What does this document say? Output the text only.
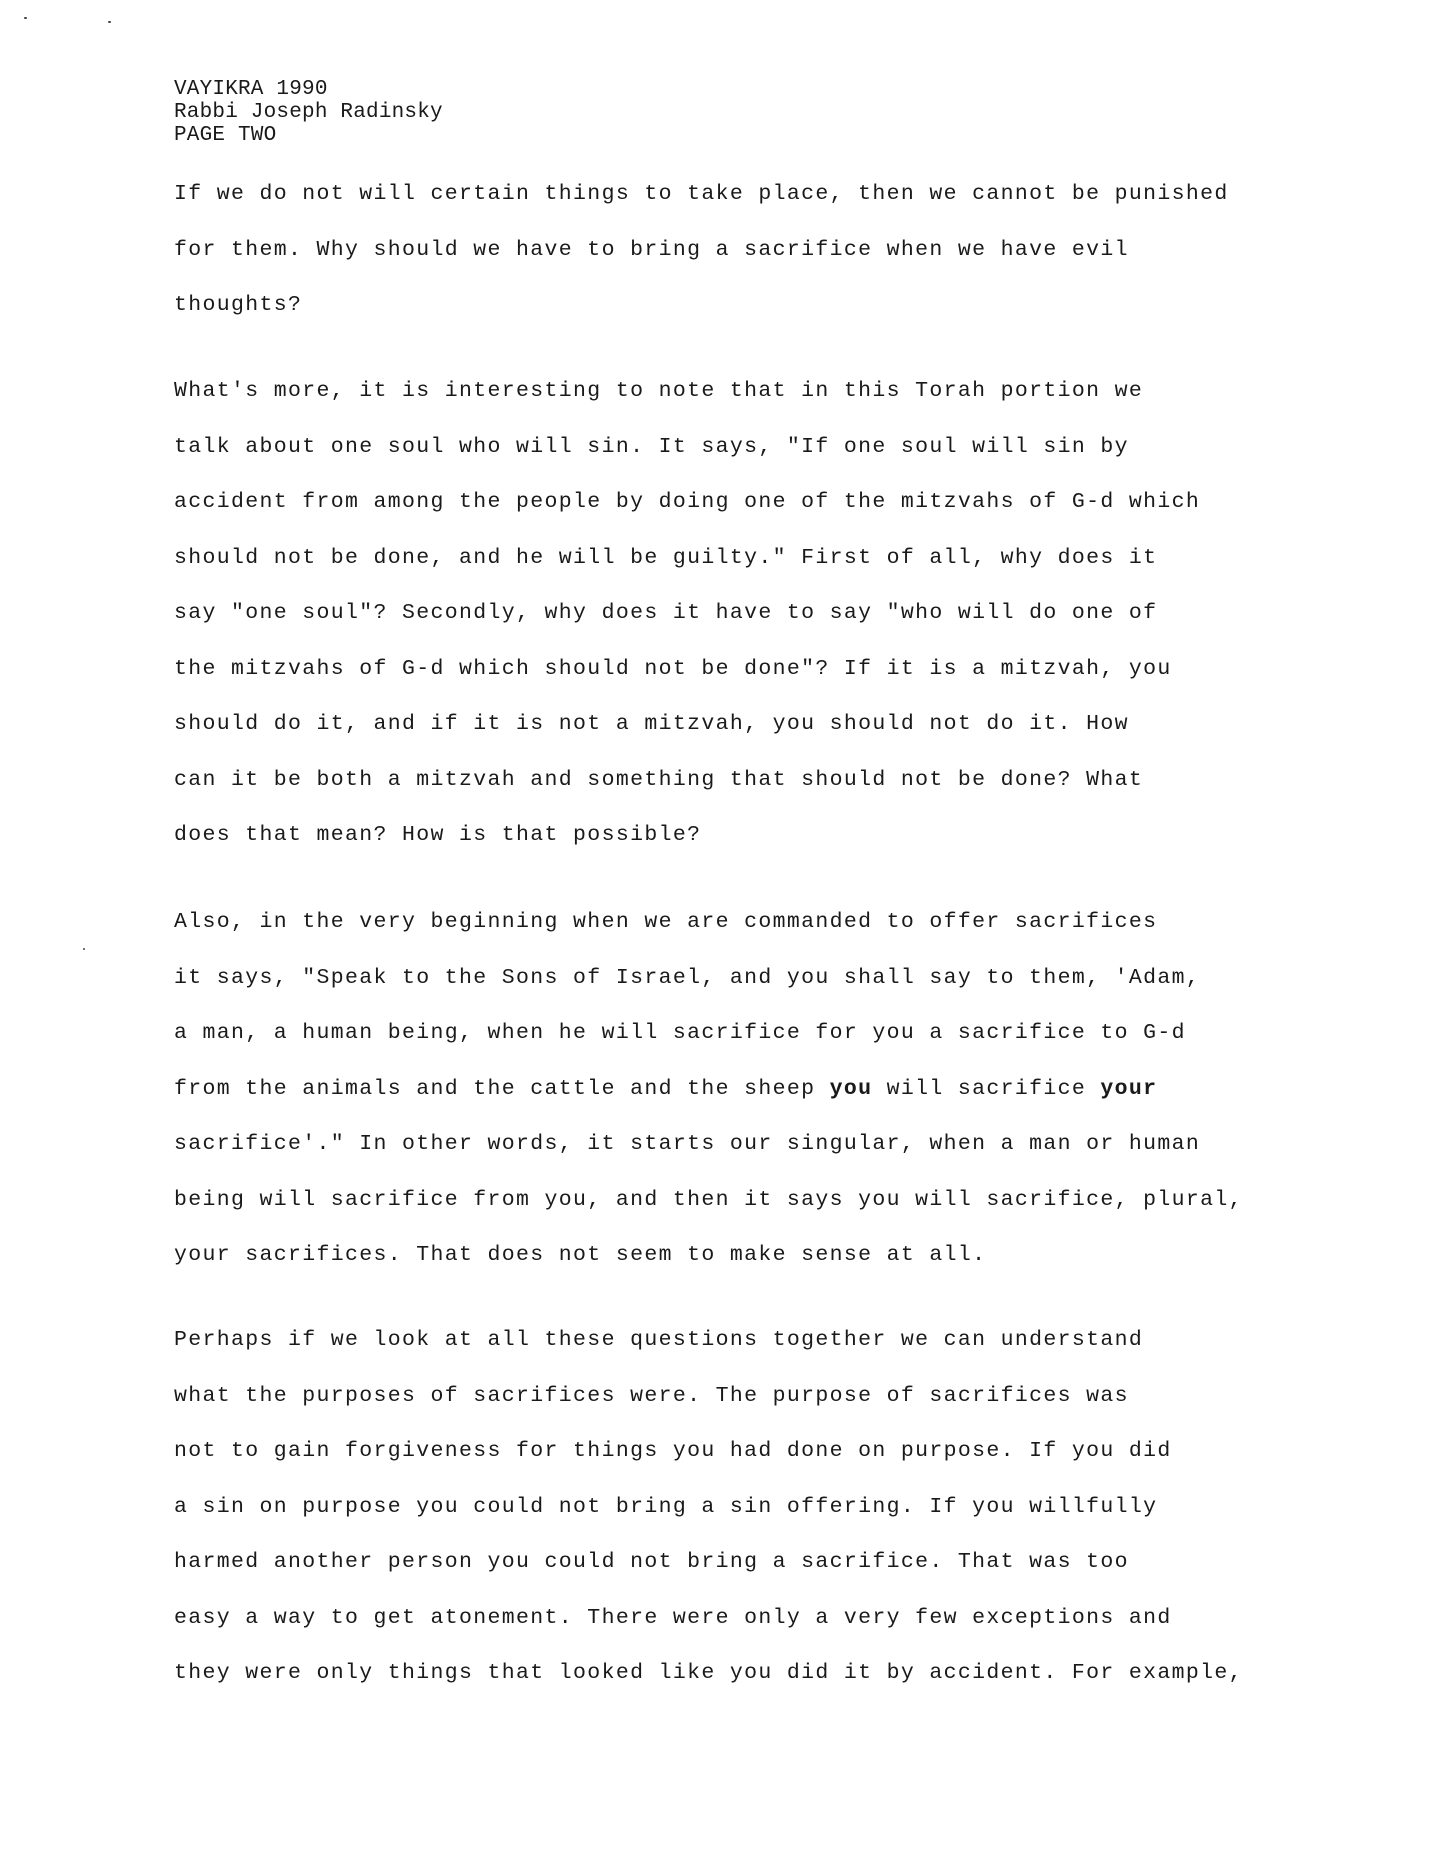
VAYIKRA 1990
Rabbi Joseph Radinsky
PAGE TWO
If we do not will certain things to take place, then we cannot be punished
for them. Why should we have to bring a sacrifice when we have evil
thoughts?
What's more, it is interesting to note that in this Torah portion we
talk about one soul who will sin. It says, "If one soul will sin by
accident from among the people by doing one of the mitzvahs of G-d which
should not be done, and he will be guilty." First of all, why does it
say "one soul"? Secondly, why does it have to say "who will do one of
the mitzvahs of G-d which should not be done"? If it is a mitzvah, you
should do it, and if it is not a mitzvah, you should not do it. How
can it be both a mitzvah and something that should not be done? What
does that mean? How is that possible?
Also, in the very beginning when we are commanded to offer sacrifices
it says, "Speak to the Sons of Israel, and you shall say to them, 'Adam,
a man, a human being, when he will sacrifice for you a sacrifice to G-d
from the animals and the cattle and the sheep you will sacrifice your
sacrifice'." In other words, it starts our singular, when a man or human
being will sacrifice from you, and then it says you will sacrifice, plural,
your sacrifices. That does not seem to make sense at all.
Perhaps if we look at all these questions together we can understand
what the purposes of sacrifices were. The purpose of sacrifices was
not to gain forgiveness for things you had done on purpose. If you did
a sin on purpose you could not bring a sin offering. If you willfully
harmed another person you could not bring a sacrifice. That was too
easy a way to get atonement. There were only a very few exceptions and
they were only things that looked like you did it by accident. For example,
